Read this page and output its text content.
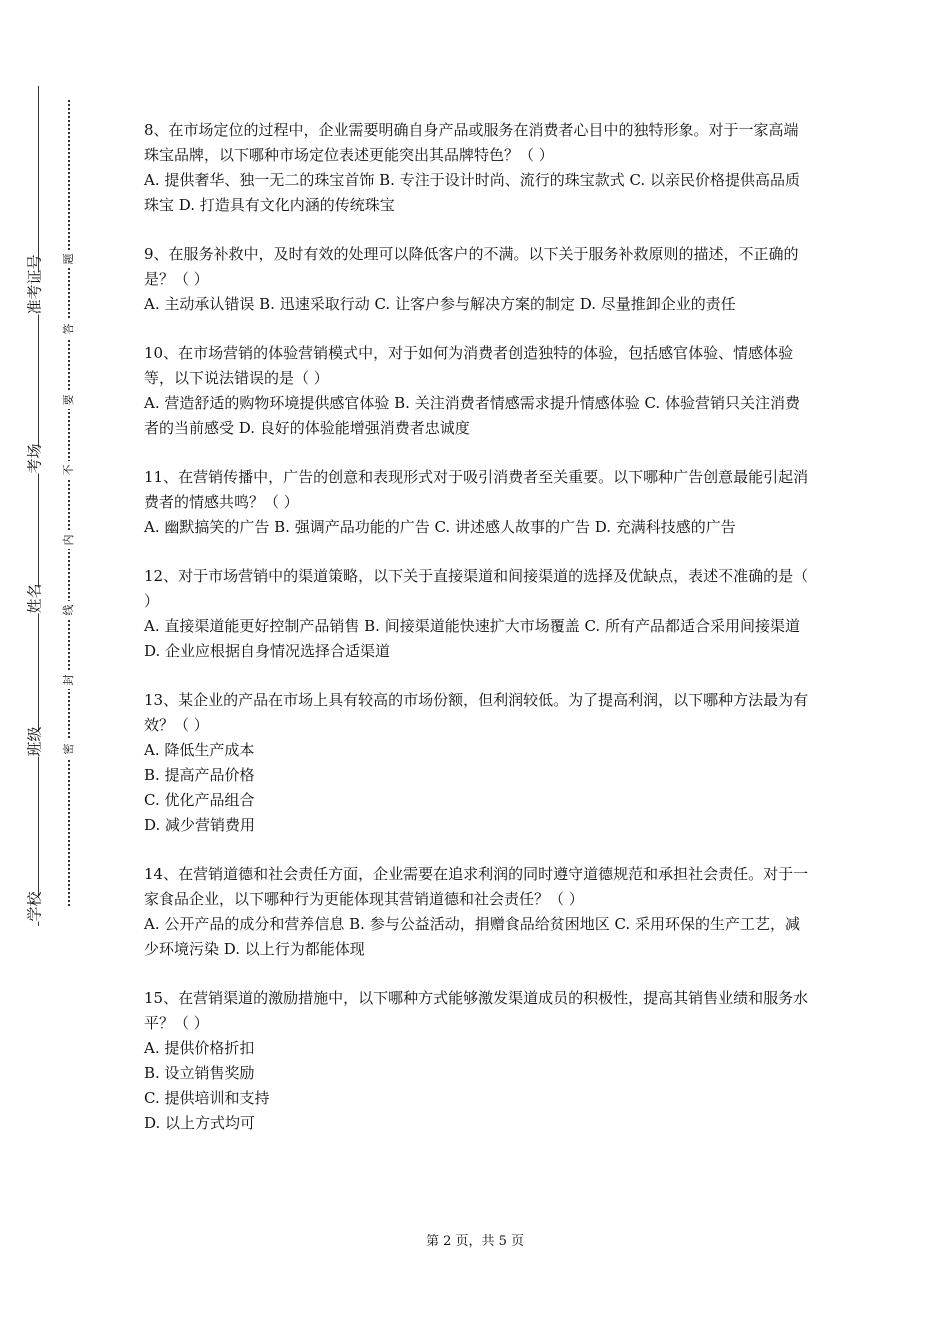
学校
班级
姓名
考场
准考证号
密
封
线
内
不
要
答
题

8、在市场定位的过程中，企业需要明确自身产品或服务在消费者心目中的独特形象。对于一家高端珠宝品牌，以下哪种市场定位表述更能突出其品牌特色？（ ）

A. 提供奢华、独一无二的珠宝首饰 B. 专注于设计时尚、流行的珠宝款式 C. 以亲民价格提供高品质珠宝 D. 打造具有文化内涵的传统珠宝

9、在服务补救中，及时有效的处理可以降低客户的不满。以下关于服务补救原则的描述，不正确的是？（ ）

A. 主动承认错误 B. 迅速采取行动 C. 让客户参与解决方案的制定 D. 尽量推卸企业的责任

10、在市场营销的体验营销模式中，对于如何为消费者创造独特的体验，包括感官体验、情感体验等，以下说法错误的是（ ）

A. 营造舒适的购物环境提供感官体验 B. 关注消费者情感需求提升情感体验 C. 体验营销只关注消费者的当前感受 D. 良好的体验能增强消费者忠诚度

11、在营销传播中，广告的创意和表现形式对于吸引消费者至关重要。以下哪种广告创意最能引起消费者的情感共鸣？（ ）

A. 幽默搞笑的广告 B. 强调产品功能的广告 C. 讲述感人故事的广告 D. 充满科技感的广告

12、对于市场营销中的渠道策略，以下关于直接渠道和间接渠道的选择及优缺点，表述不准确的是（ ）

A. 直接渠道能更好控制产品销售 B. 间接渠道能快速扩大市场覆盖 C. 所有产品都适合采用间接渠道 D. 企业应根据自身情况选择合适渠道

13、某企业的产品在市场上具有较高的市场份额，但利润较低。为了提高利润，以下哪种方法最为有效？（ ）

A. 降低生产成本

B. 提高产品价格

C. 优化产品组合

D. 减少营销费用

14、在营销道德和社会责任方面，企业需要在追求利润的同时遵守道德规范和承担社会责任。对于一家食品企业，以下哪种行为更能体现其营销道德和社会责任？（ ）

A. 公开产品的成分和营养信息 B. 参与公益活动，捐赠食品给贫困地区 C. 采用环保的生产工艺，减少环境污染 D. 以上行为都能体现

15、在营销渠道的激励措施中，以下哪种方式能够激发渠道成员的积极性，提高其销售业绩和服务水平？（ ）

A. 提供价格折扣

B. 设立销售奖励

C. 提供培训和支持

D. 以上方式均可

第 2 页，共 5 页
